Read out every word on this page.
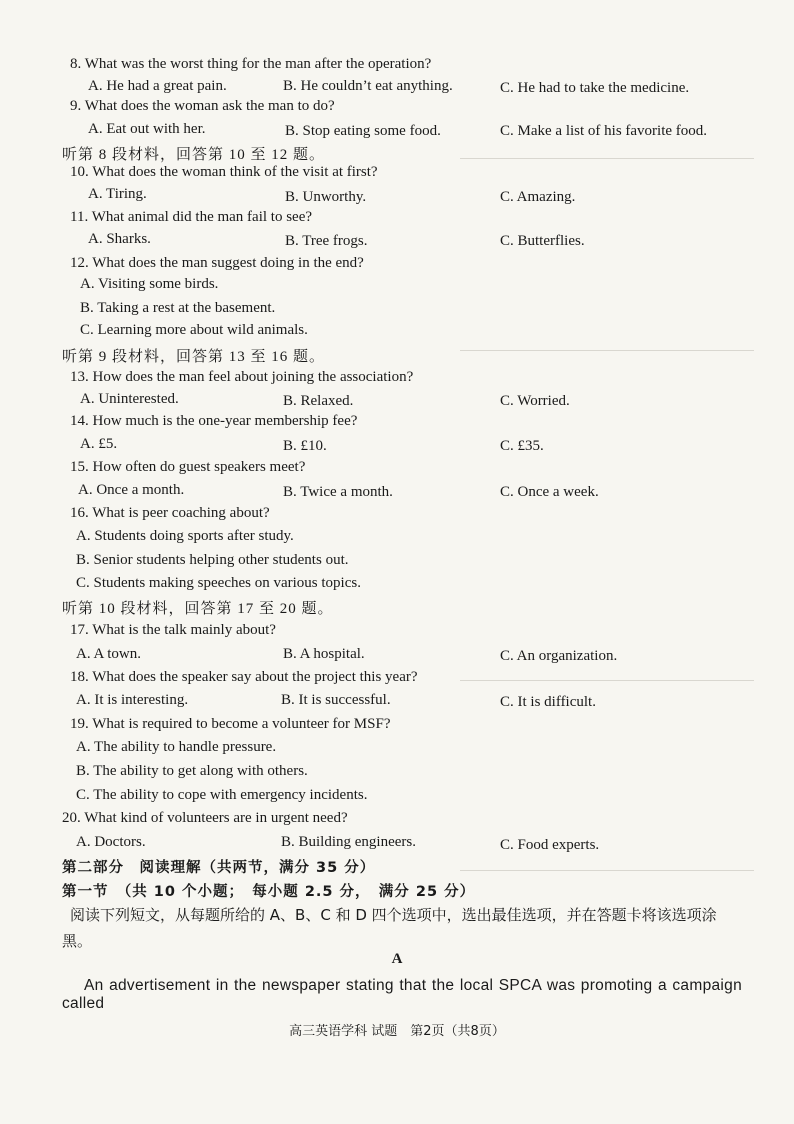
8. What was the worst thing for the man after the operation?
A. He had a great pain.	B. He couldn’t eat anything.	C. He had to take the medicine.
9. What does the woman ask the man to do?
A. Eat out with her.	B. Stop eating some food.	C. Make a list of his favorite food.
听第 8 段材料，回答第 10 至 12 题。
10. What does the woman think of the visit at first?
A. Tiring.	B. Unworthy.	C. Amazing.
11. What animal did the man fail to see?
A. Sharks.	B. Tree frogs.	C. Butterflies.
12. What does the man suggest doing in the end?
A. Visiting some birds.
B. Taking a rest at the basement.
C. Learning more about wild animals.
听第 9 段材料，回答第 13 至 16 题。
13. How does the man feel about joining the association?
A. Uninterested.	B. Relaxed.	C. Worried.
14. How much is the one-year membership fee?
A. £5.	B. £10.	C. £35.
15. How often do guest speakers meet?
A. Once a month.	B. Twice a month.	C. Once a week.
16. What is peer coaching about?
A. Students doing sports after study.
B. Senior students helping other students out.
C. Students making speeches on various topics.
听第 10 段材料，回答第 17 至 20 题。
17. What is the talk mainly about?
A. A town.	B. A hospital.	C. An organization.
18. What does the speaker say about the project this year?
A. It is interesting.	B. It is successful.	C. It is difficult.
19. What is required to become a volunteer for MSF?
A. The ability to handle pressure.
B. The ability to get along with others.
C. The ability to cope with emergency incidents.
20. What kind of volunteers are in urgent need?
A. Doctors.	B. Building engineers.	C. Food experts.
第二部分　阅读理解（共两节，满分 35 分）
第一节　（共 10 个小题；　每小题 2.5 分，　满分 25 分）
阅读下列短文，从每题所给的 A、B、C 和 D 四个选项中，选出最佳选项，并在答题卡将该选项涂黑。
A
An advertisement in the newspaper stating that the local SPCA was promoting a campaign called
高三英语学科 试题　第2页（共8页）
